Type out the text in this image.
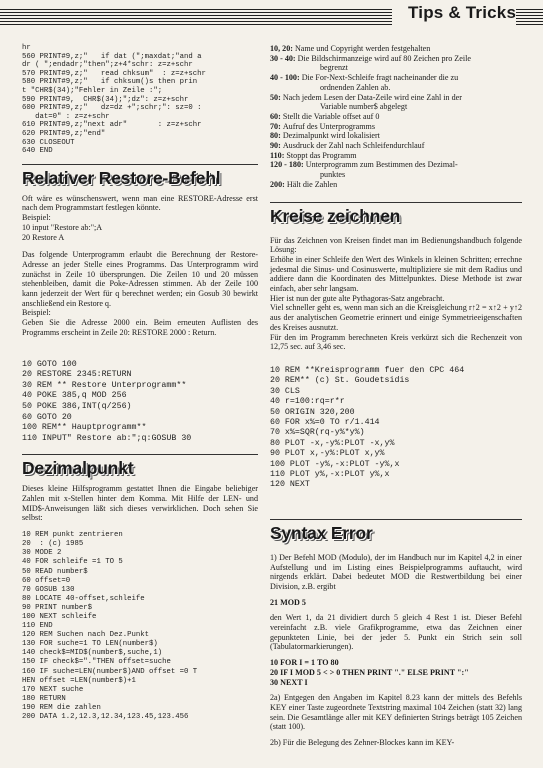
Tips & Tricks
hr
560 PRINT#9,z;"   if dat (";maxdat;"and a
dr ( ";endadr;"then";z+4*schr: z=z+schr
570 PRINT#9,z;"   read chksum"  : z=z+schr
580 PRINT#9,z;"   if chksum()s then prin
t "CHR$(34);"Fehler in Zeile :";
590 PRINT#9,  CHR$(34);";dz": z=z+schr
600 PRINT#9,z;"   dz=dz +";schr;": sz=0 :
dat=0" : z=z+schr
610 PRINT#9,z;"next adr"       : z=z+schr
620 PRINT#9,z;"end"
630 CLOSEOUT
640 END
Relativer Restore-Befehl

Oft wäre es wünschenswert, wenn man eine RESTORE-Adresse erst nach dem Programmstart festlegen könnte.

Beispiel:
10 input "Restore ab:";A
20 Restore A

Das folgende Unterprogramm erlaubt die Berechnung der Restore-Adresse an jeder Stelle eines Programms. Das Unterprogramm wird zunächst in Zeile 10 übersprungen. Die Zeilen 10 und 20 müssen stehenbleiben, damit die Poke-Adressen stimmen. Ab der Zeile 100 kann jederzeit der Wert für q berechnet werden; ein Gosub 30 bewirkt anschließend ein Restore q.

Beispiel:

Geben Sie die Adresse 2000 ein. Beim erneuten Auflisten des Programms erscheint in Zeile 20: RESTORE 2000 : Return.

10 GOTO 100
20 RESTORE 2345:RETURN
30 REM ** Restore Unterprogramm**
40 POKE 385,q MOD 256
50 POKE 386,INT(q/256)
60 GOTO 20
100 REM** Hauptprogramm**
110 INPUT" Restore ab:";q:GOSUB 30
Dezimalpunkt

Dieses kleine Hilfsprogramm gestattet Ihnen die Eingabe beliebiger Zahlen mit x-Stellen hinter dem Komma. Mit Hilfe der LEN- und MID$-Anweisungen läßt sich dieses verwirklichen. Doch sehen Sie selbst:

10 REM punkt zentrieren
20  : (c) 1985
30 MODE 2
40 FOR schleife =1 TO 5
50 READ number$
60 offset=0
70 GOSUB 130
80 LOCATE 40-offset,schleife
90 PRINT number$
100 NEXT schleife
110 END
120 REM Suchen nach Dez.Punkt
130 FOR suche=1 TO LEN(number$)
140 check$=MID$(number$,suche,1)
150 IF check$="."THEN offset=suche
160 IF suche=LEN(number$)AND offset =0 T
HEN offset =LEN(number$)+1
170 NEXT suche
180 RETURN
190 REM die zahlen
200 DATA 1.2,12.3,12.34,123.45,123.456
10, 20: Name und Copyright werden festgehalten
30 - 40: Die Bildschirmanzeige wird auf 80 Zeichen pro Zeile
begrenzt
40 - 100: Die For-Next-Schleife fragt nacheinander die zu
ordnenden Zahlen ab.
50: Nach jedem Lesen der Data-Zeile wird eine Zahl in der
Variable number$ abgelegt
60: Stellt die Variable offset auf 0
70: Aufruf des Unterprogramms
80: Dezimalpunkt wird lokalisiert
90: Ausdruck der Zahl nach Schleifendurchlauf
110: Stoppt das Programm
120 - 180: Unterprogramm zum Bestimmen des Dezimal-
punktes
200: Hält die Zahlen
Kreise zeichnen

Für das Zeichnen von Kreisen findet man im Bedienungshandbuch folgende Lösung:

Erhöhe in einer Schleife den Wert des Winkels in kleinen Schritten; errechne jedesmal die Sinus- und Cosinuswerte, multipliziere sie mit dem Radius und addiere dann die Koordinaten des Mittelpunktes. Diese Methode ist zwar einfach, aber sehr langsam.

Hier ist nun der gute alte Pythagoras-Satz angebracht.

Viel schneller geht es, wenn man sich an die Kreisgleichung r↑2 = x↑2 + y↑2 aus der analytischen Geometrie erinnert und einige Symmetrieeigenschaften des Kreises ausnutzt.

Für den im Programm berechneten Kreis verkürzt sich die Rechenzeit von 12,75 sec. auf 3,46 sec.

10 REM **Kreisprogramm fuer den CPC 464
20 REM** (c) St. Goudetsidis
30 CLS
40 r=100:rq=r*r
50 ORIGIN 320,200
60 FOR x%=0 TO r/1.414
70 x%=SQR(rq-y%*y%)
80 PLOT -x,-y%:PLOT -x,y%
90 PLOT x,-y%:PLOT x,y%
100 PLOT -y%,-x:PLOT -y%,x
110 PLOT y%,-x:PLOT y%,x
120 NEXT
Syntax Error

1) Der Befehl MOD (Modulo), der im Handbuch nur im Kapitel 4,2 in einer Aufstellung und im Listing eines Beispielprogramms auftaucht, wird nirgends erklärt. Dabei bedeutet MOD die Restwertbildung bei einer Division, z.B. ergibt

21 MOD 5

den Wert 1, da 21 dividiert durch 5 gleich 4 Rest 1 ist. Dieser Befehl vereinfacht z.B. viele Grafikprogramme, etwa das Zeichnen einer gepunkteten Linie, bei der jeder 5. Punkt ein Strich sein soll (Tabulatormarkierungen).

10 FOR I = 1 TO 80
20 IF I MOD 5 < > 0 THEN PRINT "." ELSE PRINT ":"
30 NEXT I

2a) Entgegen den Angaben im Kapitel 8.23 kann der mittels des Befehls KEY einer Taste zugeordnete Textstring maximal 104 Zeichen (statt 32) lang sein. Die Gesamtlänge aller mit KEY definierten Strings beträgt 105 Zeichen (statt 100).

2b) Für die Belegung des Zehner-Blockes kann im KEY-
